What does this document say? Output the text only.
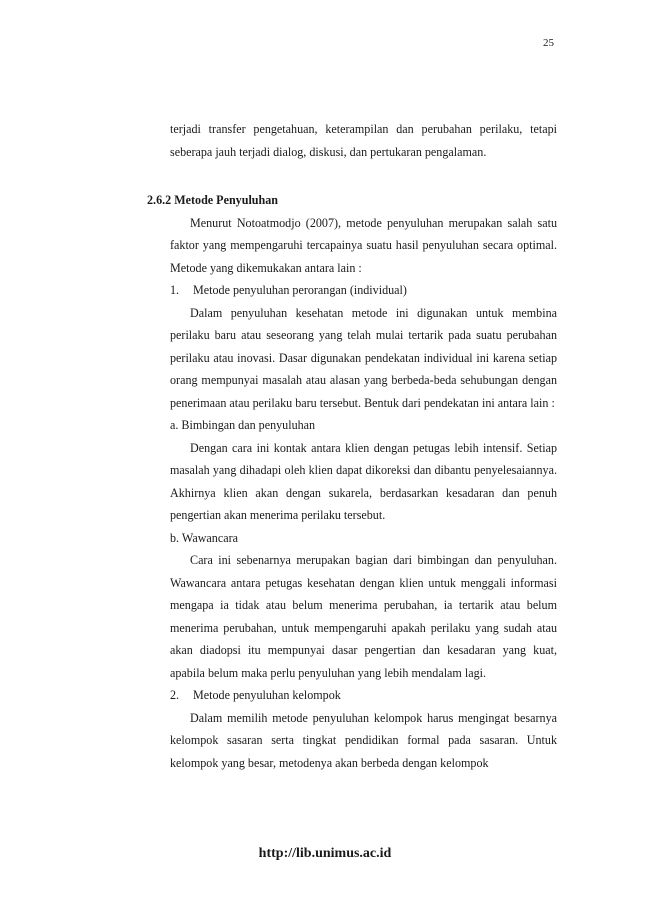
25

terjadi transfer pengetahuan, keterampilan dan perubahan perilaku, tetapi seberapa jauh terjadi dialog, diskusi, dan pertukaran pengalaman.

2.6.2 Metode Penyuluhan

Menurut Notoatmodjo (2007), metode penyuluhan merupakan salah satu faktor yang mempengaruhi tercapainya suatu hasil penyuluhan secara optimal. Metode yang dikemukakan antara lain :

1. Metode penyuluhan perorangan (individual)

Dalam penyuluhan kesehatan metode ini digunakan untuk membina perilaku baru atau seseorang yang telah mulai tertarik pada suatu perubahan perilaku atau inovasi. Dasar digunakan pendekatan individual ini karena setiap orang mempunyai masalah atau alasan yang berbeda-beda sehubungan dengan penerimaan atau perilaku baru tersebut. Bentuk dari pendekatan ini antara lain :

a. Bimbingan dan penyuluhan

Dengan cara ini kontak antara klien dengan petugas lebih intensif. Setiap masalah yang dihadapi oleh klien dapat dikoreksi dan dibantu penyelesaiannya. Akhirnya klien akan dengan sukarela, berdasarkan kesadaran dan penuh pengertian akan menerima perilaku tersebut.

b. Wawancara

Cara ini sebenarnya merupakan bagian dari bimbingan dan penyuluhan. Wawancara antara petugas kesehatan dengan klien untuk menggali informasi mengapa ia tidak atau belum menerima perubahan, ia tertarik atau belum menerima perubahan, untuk mempengaruhi apakah perilaku yang sudah atau akan diadopsi itu mempunyai dasar pengertian dan kesadaran yang kuat, apabila belum maka perlu penyuluhan yang lebih mendalam lagi.

2. Metode penyuluhan kelompok

Dalam memilih metode penyuluhan kelompok harus mengingat besarnya kelompok sasaran serta tingkat pendidikan formal pada sasaran. Untuk kelompok yang besar, metodenya akan berbeda dengan kelompok

http://lib.unimus.ac.id
